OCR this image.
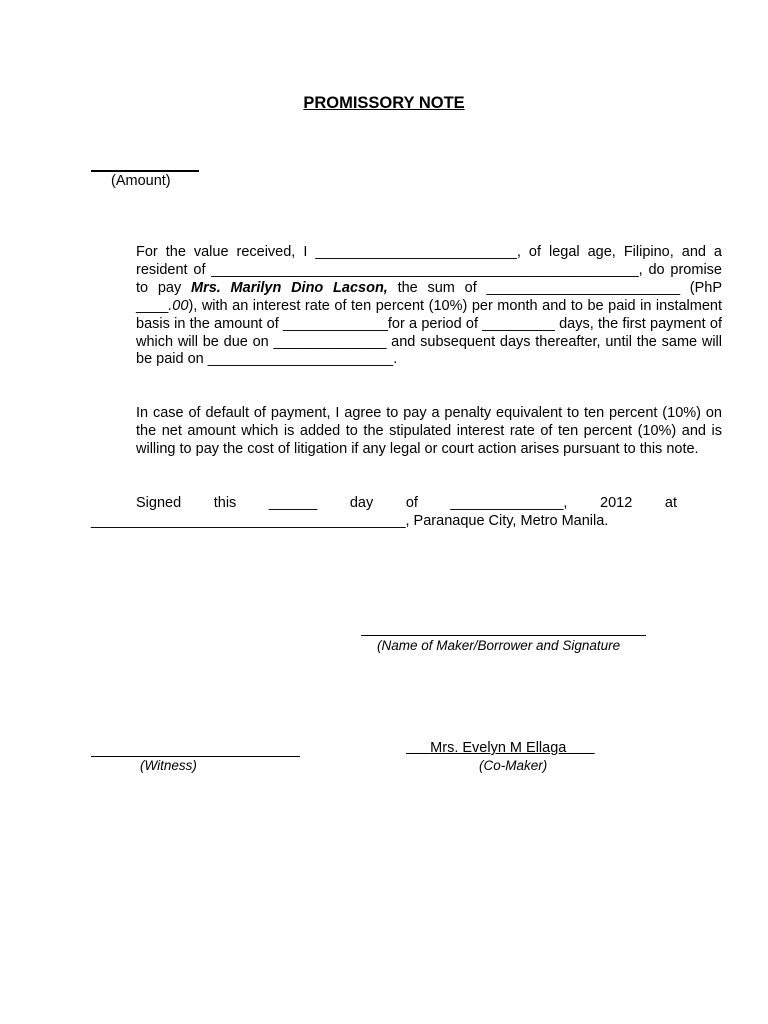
PROMISSORY NOTE
(Amount)

For the value received, I _________________________, of legal age, Filipino, and a resident of _____________________________________________________, do promise to pay Mrs. Marilyn Dino Lacson, the sum of ________________________ (PhP ____.00), with an interest rate of ten percent (10%) per month and to be paid in instalment basis in the amount of _____________for a period of _________ days, the first payment of which will be due on ______________ and subsequent days thereafter, until the same will be paid on _______________________.

In case of default of payment, I agree to pay a penalty equivalent to ten percent (10%) on the net amount which is added to the stipulated interest rate of ten percent (10%) and is willing to pay the cost of litigation if any legal or court action arises pursuant to this note.

Signed this ______ day of ______________, 2012 at
_______________________________________, Paranaque City, Metro Manila.
(Name of Maker/Borrower and Signature
(Witness)
Mrs. Evelyn M Ellaga
(Co-Maker)
